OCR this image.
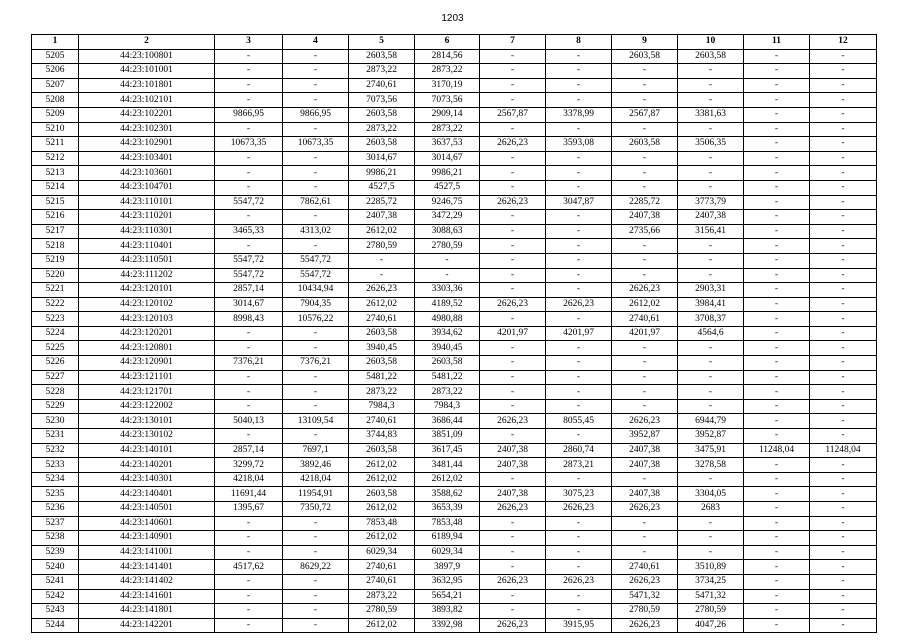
1203
1	2	3	4	5	6	7	8	9	10	11	12
5205	44:23:100801	-	-	2603,58	2814,56	-	-	2603,58	2603,58	-	-
5206	44:23:101001	-	-	2873,22	2873,22	-	-	-	-	-	-
5207	44:23:101801	-	-	2740,61	3170,19	-	-	-	-	-	-
5208	44:23:102101	-	-	7073,56	7073,56	-	-	-	-	-	-
5209	44:23:102201	9866,95	9866,95	2603,58	2909,14	2567,87	3378,99	2567,87	3381,63	-	-
5210	44:23:102301	-	-	2873,22	2873,22	-	-	-	-	-	-
5211	44:23:102901	10673,35	10673,35	2603,58	3637,53	2626,23	3593,08	2603,58	3506,35	-	-
5212	44:23:103401	-	-	3014,67	3014,67	-	-	-	-	-	-
5213	44:23:103601	-	-	9986,21	9986,21	-	-	-	-	-	-
5214	44:23:104701	-	-	4527,5	4527,5	-	-	-	-	-	-
5215	44:23:110101	5547,72	7862,61	2285,72	9246,75	2626,23	3047,87	2285,72	3773,79	-	-
5216	44:23:110201	-	-	2407,38	3472,29	-	-	2407,38	2407,38	-	-
5217	44:23:110301	3465,33	4313,02	2612,02	3088,63	-	-	2735,66	3156,41	-	-
5218	44:23:110401	-	-	2780,59	2780,59	-	-	-	-	-	-
5219	44:23:110501	5547,72	5547,72	-	-	-	-	-	-	-	-
5220	44:23:111202	5547,72	5547,72	-	-	-	-	-	-	-	-
5221	44:23:120101	2857,14	10434,94	2626,23	3303,36	-	-	2626,23	2903,31	-	-
5222	44:23:120102	3014,67	7904,35	2612,02	4189,52	2626,23	2626,23	2612,02	3984,41	-	-
5223	44:23:120103	8998,43	10576,22	2740,61	4980,88	-	-	2740,61	3708,37	-	-
5224	44:23:120201	-	-	2603,58	3934,62	4201,97	4201,97	4201,97	4564,6	-	-
5225	44:23:120801	-	-	3940,45	3940,45	-	-	-	-	-	-
5226	44:23:120901	7376,21	7376,21	2603,58	2603,58	-	-	-	-	-	-
5227	44:23:121101	-	-	5481,22	5481,22	-	-	-	-	-	-
5228	44:23:121701	-	-	2873,22	2873,22	-	-	-	-	-	-
5229	44:23:122002	-	-	7984,3	7984,3	-	-	-	-	-	-
5230	44:23:130101	5040,13	13109,54	2740,61	3686,44	2626,23	8055,45	2626,23	6944,79	-	-
5231	44:23:130102	-	-	3744,83	3851,09	-	-	3952,87	3952,87	-	-
5232	44:23:140101	2857,14	7697,1	2603,58	3617,45	2407,38	2860,74	2407,38	3475,91	11248,04	11248,04
5233	44:23:140201	3299,72	3892,46	2612,02	3481,44	2407,38	2873,21	2407,38	3278,58	-	-
5234	44:23:140301	4218,04	4218,04	2612,02	2612,02	-	-	-	-	-	-
5235	44:23:140401	11691,44	11954,91	2603,58	3588,62	2407,38	3075,23	2407,38	3304,05	-	-
5236	44:23:140501	1395,67	7350,72	2612,02	3653,39	2626,23	2626,23	2626,23	2683	-	-
5237	44:23:140601	-	-	7853,48	7853,48	-	-	-	-	-	-
5238	44:23:140901	-	-	2612,02	6189,94	-	-	-	-	-	-
5239	44:23:141001	-	-	6029,34	6029,34	-	-	-	-	-	-
5240	44:23:141401	4517,62	8629,22	2740,61	3897,9	-	-	2740,61	3510,89	-	-
5241	44:23:141402	-	-	2740,61	3632,95	2626,23	2626,23	2626,23	3734,25	-	-
5242	44:23:141601	-	-	2873,22	5654,21	-	-	5471,32	5471,32	-	-
5243	44:23:141801	-	-	2780,59	3893,82	-	-	2780,59	2780,59	-	-
5244	44:23:142201	-	-	2612,02	3392,98	2626,23	3915,95	2626,23	4047,26	-	-
